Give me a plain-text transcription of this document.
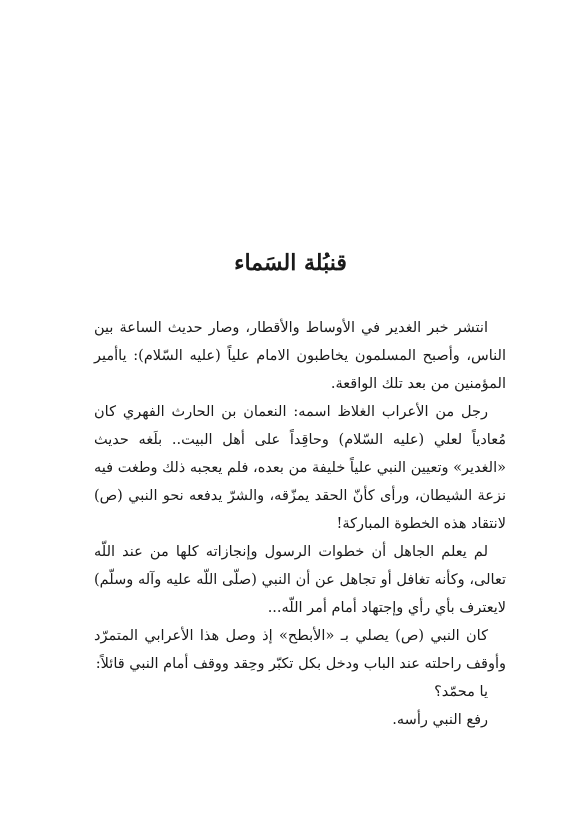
قنبُلة السَماء

انتشر خبر الغدير في الأوساط والأقطار، وصار حديث الساعة بين الناس، وأصبح المسلمون يخاطبون الامام علياً (عليه السّلام): ياأمير المؤمنين من بعد تلك الواقعة.

رجل من الأعراب الغلاظ اسمه: النعمان بن الحارث الفهري كان مُعادياً لعلي (عليه السّلام) وحاقِداً على أهل البيت.. بلَغه حديث «الغدير» وتعيين النبي علياً خليفة من بعده، فلم يعجبه ذلك وطغت فيه نزعة الشيطان، ورأى كأنّ الحقد يمزّقه، والشرّ يدفعه نحو النبي (ص) لانتقاد هذه الخطوة المباركة!

لم يعلم الجاهل أن خطوات الرسول وإنجازاته كلها من عند اللّه تعالى، وكأنه تغافل أو تجاهل عن أن النبي (صلّى اللّه عليه وآله وسلّم) لايعترف بأي رأي وإجتهاد أمام أمر اللّه...

كان النبي (ص) يصلي بـ «الأبطح» إذ وصل هذا الأعرابي المتمرّد وأوقف راحلته عند الباب ودخل بكل تكبّر وحِقد ووقف أمام النبي قائلاً:

يا محمّد؟

رفع النبي رأسه.
